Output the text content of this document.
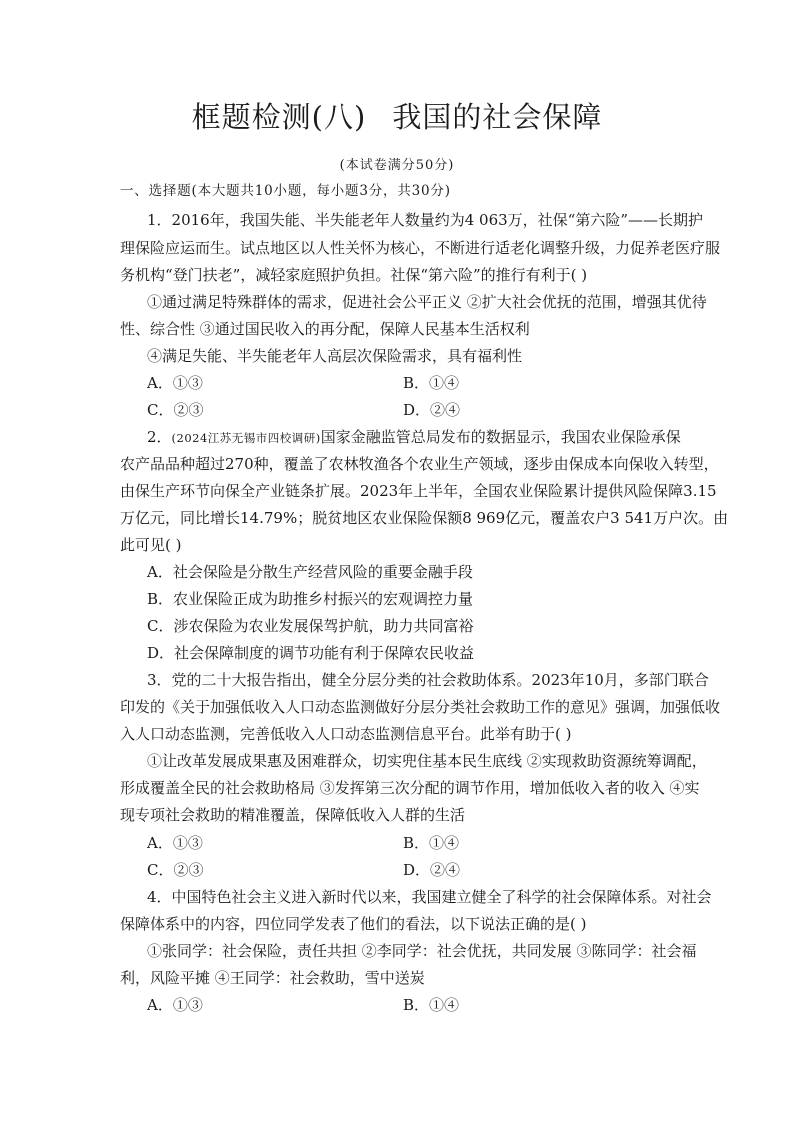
框题检测(八) 我国的社会保障
(本试卷满分50分)
一、选择题(本大题共10小题，每小题3分，共30分)
1．2016年，我国失能、半失能老年人数量约为4 063万，社保“第六险”——长期护
理保险应运而生。试点地区以人性关怀为核心，不断进行适老化调整升级，力促养老医疗服
务机构“登门扶老”，减轻家庭照护负担。社保“第六险”的推行有利于( )
①通过满足特殊群体的需求，促进社会公平正义 ②扩大社会优抚的范围，增强其优待
性、综合性 ③通过国民收入的再分配，保障人民基本生活权利
④满足失能、半失能老年人高层次保险需求，具有福利性
A．①③	B．①④
C．②③	D．②④
2．(2024江苏无锡市四校调研)国家金融监管总局发布的数据显示，我国农业保险承保
农产品品种超过270种，覆盖了农林牧渔各个农业生产领域，逐步由保成本向保收入转型，
由保生产环节向保全产业链条扩展。2023年上半年，全国农业保险累计提供风险保障3.15
万亿元，同比增长14.79%；脱贫地区农业保险保额8 969亿元，覆盖农户3 541万户次。由
此可见( )
A．社会保险是分散生产经营风险的重要金融手段
B．农业保险正成为助推乡村振兴的宏观调控力量
C．涉农保险为农业发展保驾护航，助力共同富裕
D．社会保障制度的调节功能有利于保障农民收益
3．党的二十大报告指出，健全分层分类的社会救助体系。2023年10月，多部门联合
印发的《关于加强低收入人口动态监测做好分层分类社会救助工作的意见》强调，加强低收
入人口动态监测，完善低收入人口动态监测信息平台。此举有助于( )
①让改革发展成果惠及困难群众，切实兜住基本民生底线 ②实现救助资源统筹调配，
形成覆盖全民的社会救助格局 ③发挥第三次分配的调节作用，增加低收入者的收入 ④实
现专项社会救助的精准覆盖，保障低收入人群的生活
A．①③	B．①④
C．②③	D．②④
4．中国特色社会主义进入新时代以来，我国建立健全了科学的社会保障体系。对社会
保障体系中的内容，四位同学发表了他们的看法，以下说法正确的是( )
①张同学：社会保险，责任共担 ②李同学：社会优抚，共同发展 ③陈同学：社会福
利，风险平摊 ④王同学：社会救助，雪中送炭
A．①③	B．①④
